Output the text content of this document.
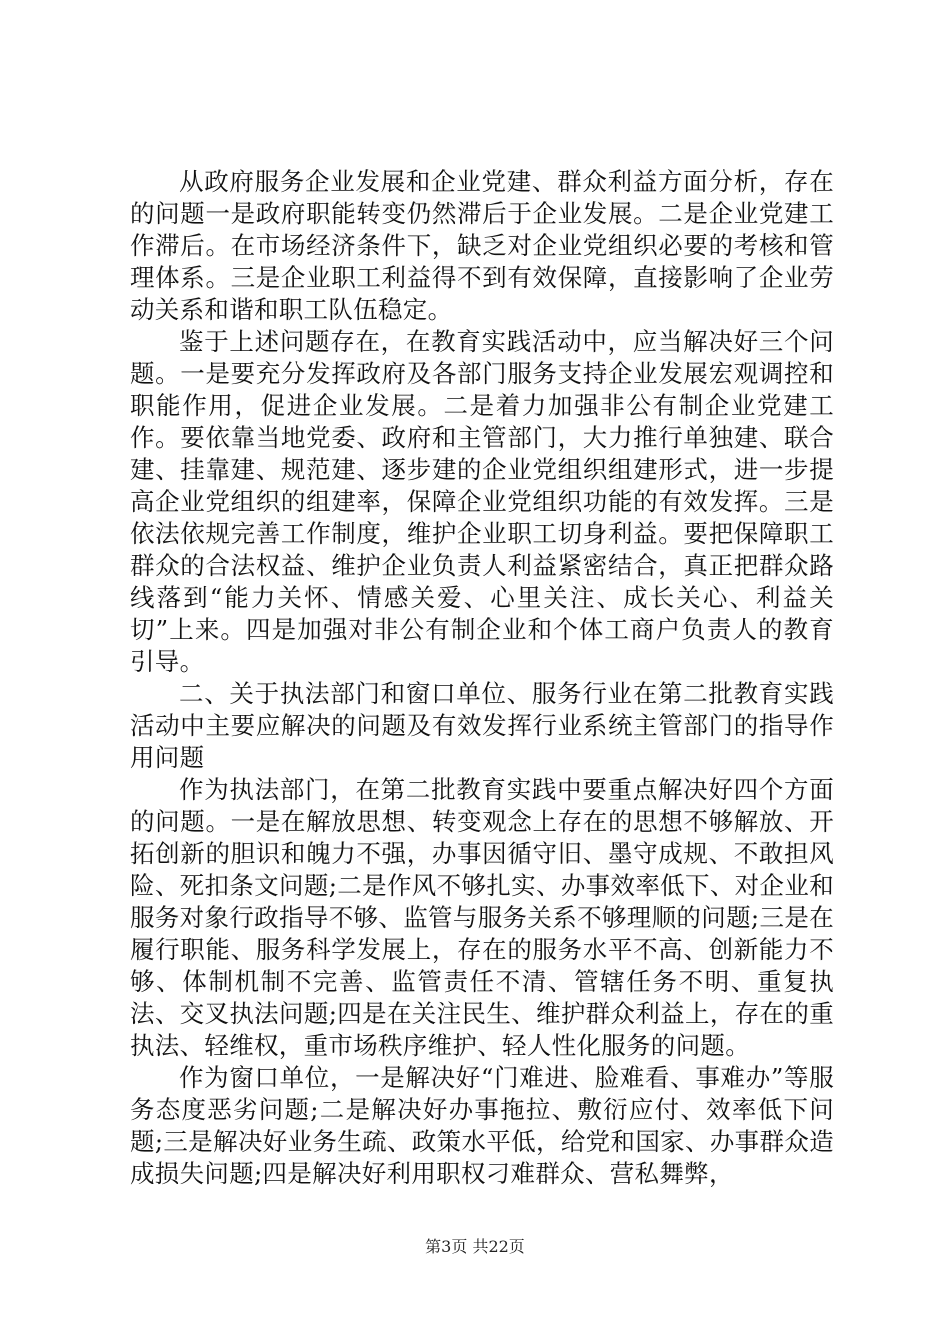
从政府服务企业发展和企业党建、群众利益方面分析，存在的问题一是政府职能转变仍然滞后于企业发展。二是企业党建工作滞后。在市场经济条件下，缺乏对企业党组织必要的考核和管理体系。三是企业职工利益得不到有效保障，直接影响了企业劳动关系和谐和职工队伍稳定。

鉴于上述问题存在，在教育实践活动中，应当解决好三个问题。一是要充分发挥政府及各部门服务支持企业发展宏观调控和职能作用，促进企业发展。二是着力加强非公有制企业党建工作。要依靠当地党委、政府和主管部门，大力推行单独建、联合建、挂靠建、规范建、逐步建的企业党组织组建形式，进一步提高企业党组织的组建率，保障企业党组织功能的有效发挥。三是依法依规完善工作制度，维护企业职工切身利益。要把保障职工群众的合法权益、维护企业负责人利益紧密结合，真正把群众路线落到“能力关怀、情感关爱、心里关注、成长关心、利益关切”上来。四是加强对非公有制企业和个体工商户负责人的教育引导。

二、关于执法部门和窗口单位、服务行业在第二批教育实践活动中主要应解决的问题及有效发挥行业系统主管部门的指导作用问题

作为执法部门，在第二批教育实践中要重点解决好四个方面的问题。一是在解放思想、转变观念上存在的思想不够解放、开拓创新的胆识和魄力不强，办事因循守旧、墨守成规、不敢担风险、死扣条文问题;二是作风不够扎实、办事效率低下、对企业和服务对象行政指导不够、监管与服务关系不够理顺的问题;三是在履行职能、服务科学发展上，存在的服务水平不高、创新能力不够、体制机制不完善、监管责任不清、管辖任务不明、重复执法、交叉执法问题;四是在关注民生、维护群众利益上，存在的重执法、轻维权，重市场秩序维护、轻人性化服务的问题。

作为窗口单位，一是解决好“门难进、脸难看、事难办”等服务态度恶劣问题;二是解决好办事拖拉、敷衍应付、效率低下问题;三是解决好业务生疏、政策水平低，给党和国家、办事群众造成损失问题;四是解决好利用职权刁难群众、营私舞弊，

第3页 共22页
